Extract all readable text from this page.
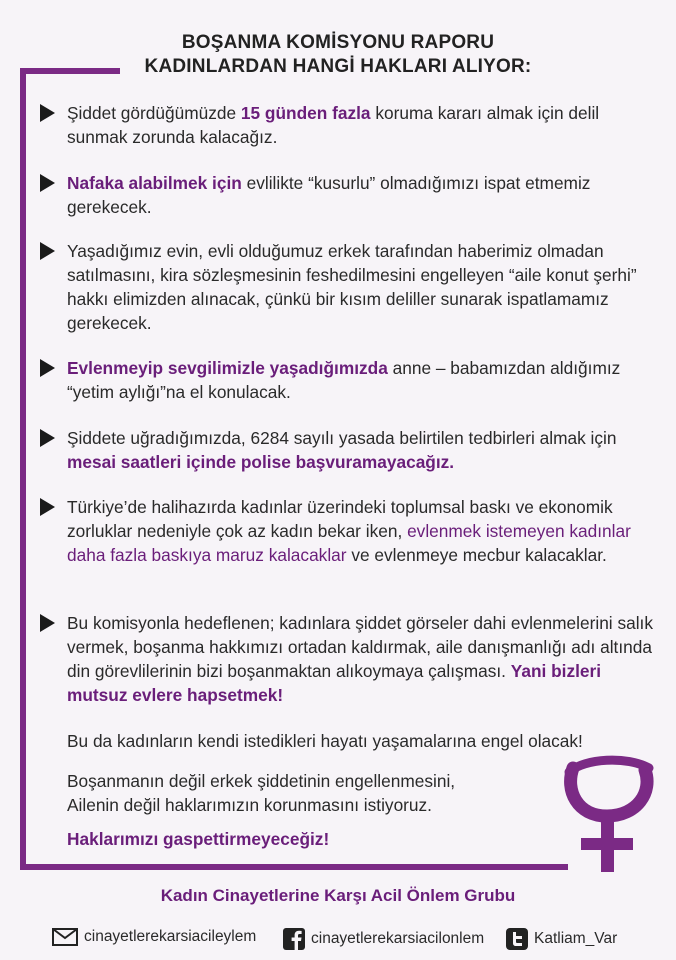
BOŞANMA KOMİSYONU RAPORU
KADINLARDAN HANGİ HAKLARI ALIYOR:
Şiddet gördüğümüzde 15 günden fazla koruma kararı almak için delil sunmak zorunda kalacağız.
Nafaka alabilmek için evlilikte “kusurlu” olmadığımızı ispat etmemiz gerekecek.
Yaşadığımız evin, evli olduğumuz erkek tarafından haberimiz olmadan satılmasını, kira sözleşmesinin feshedilmesini engelleyen “aile konut şerhi” hakkı elimizden alınacak, çünkü bir kısım deliller sunarak ispatlamamız gerekecek.
Evlenmeyip sevgilimizle yaşadığımızda anne – babamızdan aldığımız “yetim aylığı”na el konulacak.
Şiddete uğradığımızda, 6284 sayılı yasada belirtilen tedbirleri almak için mesai saatleri içinde polise başvuramayacağız.
Türkiye’de halihazırda kadınlar üzerindeki toplumsal baskı ve ekonomik zorluklar nedeniyle çok az kadın bekar iken, evlenmek istemeyen kadınlar daha fazla baskıya maruz kalacaklar ve evlenmeye mecbur kalacaklar.
Bu komisyonla hedeflenen; kadınlara şiddet görseler dahi evlenmelerini salık vermek, boşanma hakkımızı ortadan kaldırmak, aile danışmanlığı adı altında din görevlilerinin bizi boşanmaktan alıkoymaya çalışması. Yani bizleri mutsuz evlere hapsetmek!
Bu da kadınların kendi istedikleri hayatı yaşamalarına engel olacak!
Boşanmanın değil erkek şiddetinin engellenmesini,
Ailenin değil haklarımızın korunmasını istiyoruz.
Haklarımızı gaspettirmeyeceğiz!
Kadın Cinayetlerine Karşı Acil Önlem Grubu
cinayetlerekarsiacileylem	cinayetlerekarsiacilonlem	Katliam_Var
